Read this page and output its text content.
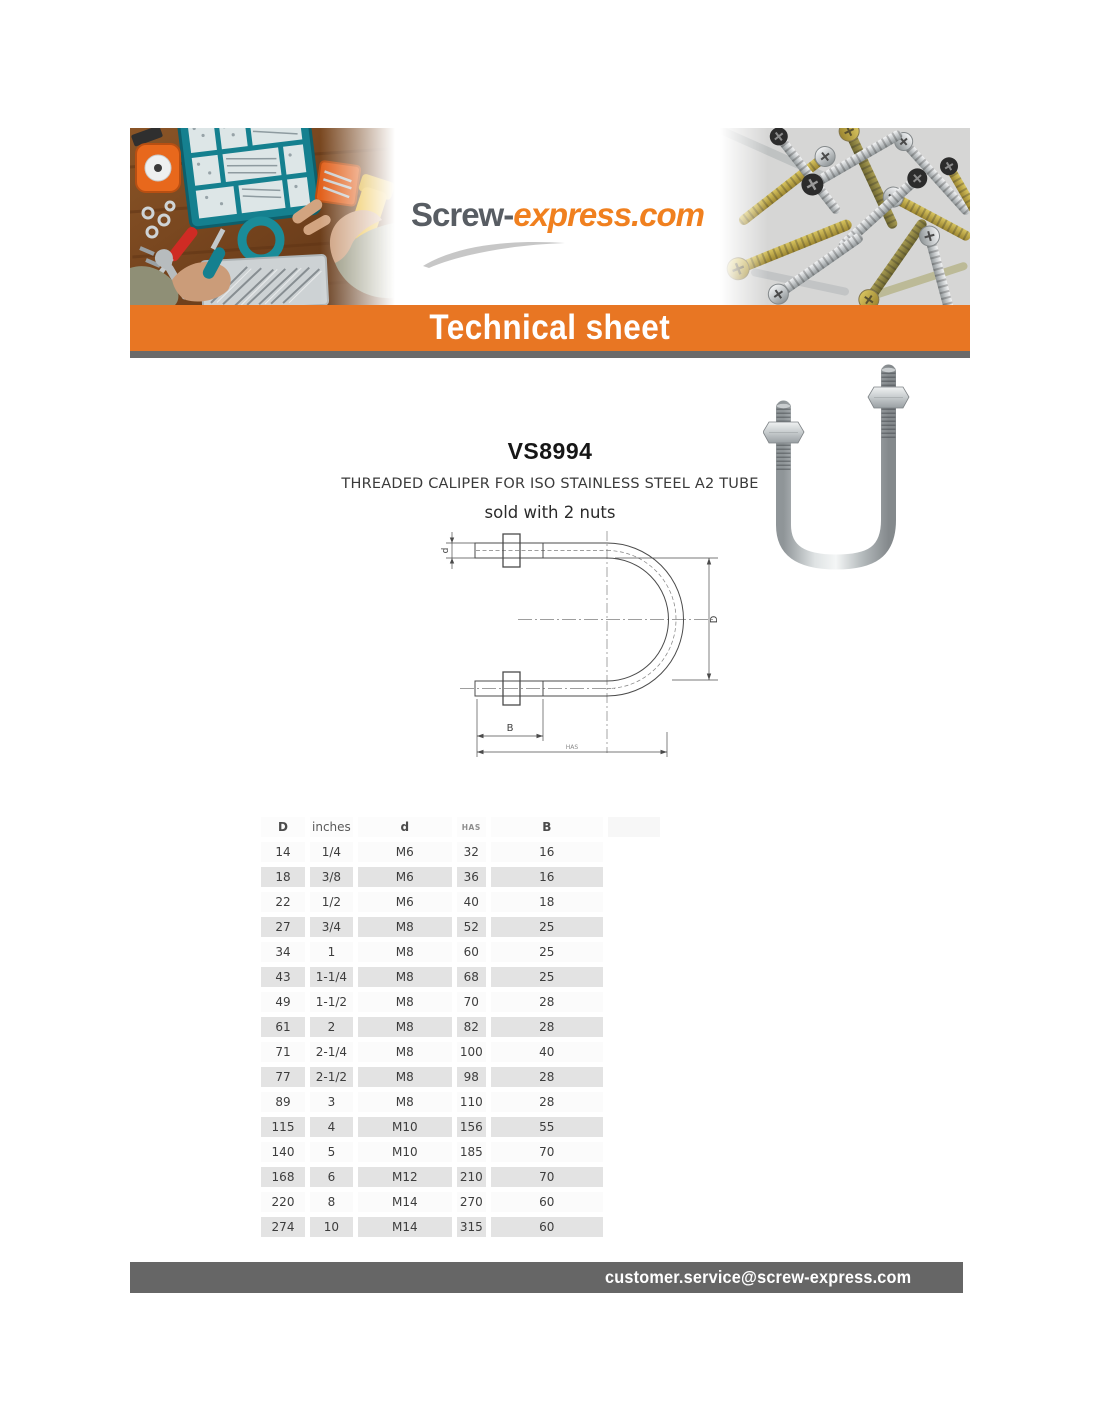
Screw-express.com
Technical sheet
VS8994
THREADED CALIPER FOR ISO STAINLESS STEEL A2 TUBE
sold with 2 nuts
d
D
B
HAS
D	inches	d	HAS	B	
14	1/4	M6	32	16	
18	3/8	M6	36	16	
22	1/2	M6	40	18	
27	3/4	M8	52	25	
34	1	M8	60	25	
43	1-1/4	M8	68	25	
49	1-1/2	M8	70	28	
61	2	M8	82	28	
71	2-1/4	M8	100	40	
77	2-1/2	M8	98	28	
89	3	M8	110	28	
115	4	M10	156	55	
140	5	M10	185	70	
168	6	M12	210	70	
220	8	M14	270	60	
274	10	M14	315	60	
customer.service@screw-express.com
